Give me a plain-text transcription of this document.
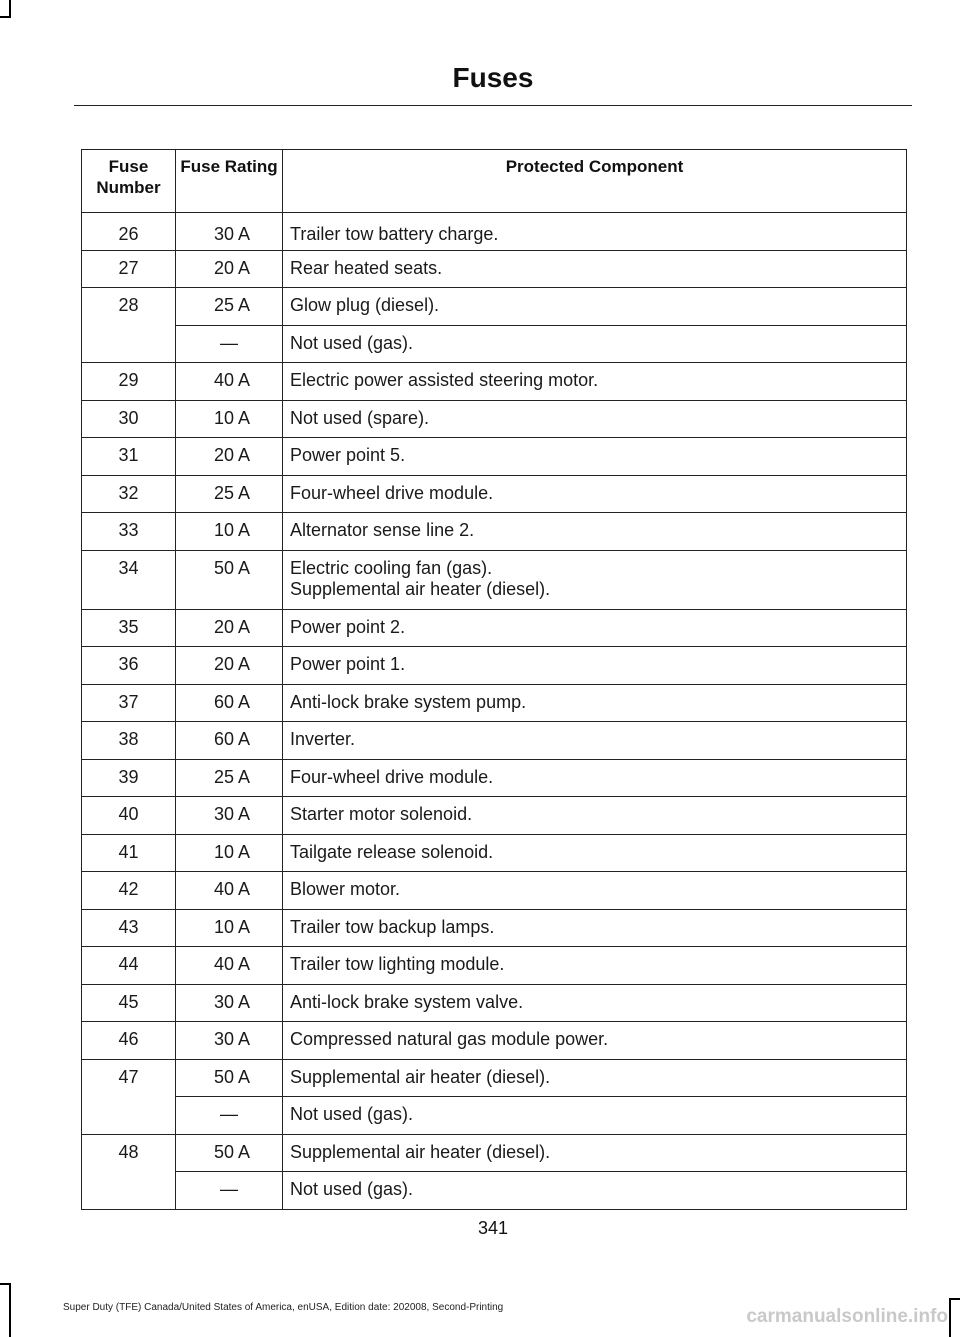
Fuses
Fuse Number	Fuse Rating	Protected Component
26	30 A	Trailer tow battery charge.

27	20 A	Rear heated seats.

28	25 A	Glow plug (diesel).

	—	Not used (gas).

29	40 A	Electric power assisted steering motor.

30	10 A	Not used (spare).

31	20 A	Power point 5.

32	25 A	Four-wheel drive module.

33	10 A	Alternator sense line 2.

34	50 A	Electric cooling fan (gas).
Supplemental air heater (diesel).

35	20 A	Power point 2.

36	20 A	Power point 1.

37	60 A	Anti-lock brake system pump.

38	60 A	Inverter.

39	25 A	Four-wheel drive module.

40	30 A	Starter motor solenoid.

41	10 A	Tailgate release solenoid.

42	40 A	Blower motor.

43	10 A	Trailer tow backup lamps.

44	40 A	Trailer tow lighting module.

45	30 A	Anti-lock brake system valve.

46	30 A	Compressed natural gas module power.

47	50 A	Supplemental air heater (diesel).

	—	Not used (gas).

48	50 A	Supplemental air heater (diesel).

	—	Not used (gas).
341
Super Duty (TFE) Canada/United States of America, enUSA, Edition date: 202008, Second-Printing	carmanualsonline.info
